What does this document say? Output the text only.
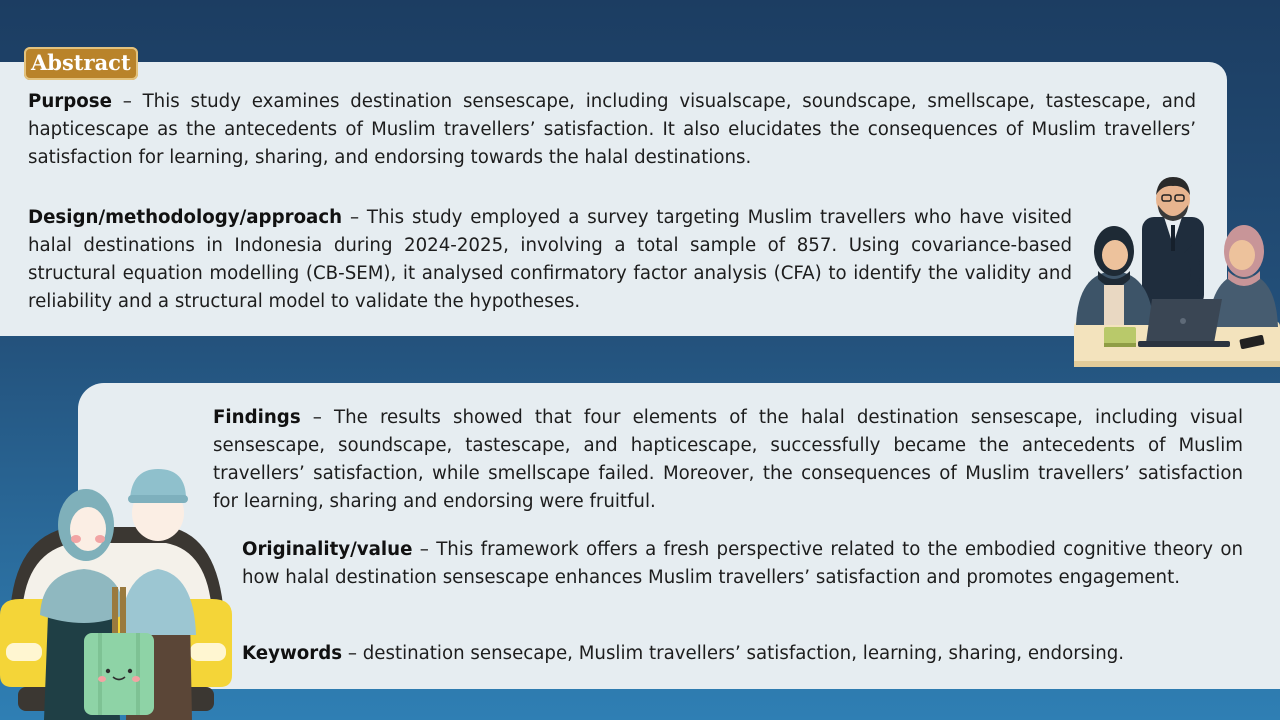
Abstract

Purpose – This study examines destination sensescape, including visualscape, soundscape, smellscape, tastescape, and hapticescape as the antecedents of Muslim travellers’ satisfaction. It also elucidates the consequences of Muslim travellers’ satisfaction for learning, sharing, and endorsing towards the halal destinations.

Design/methodology/approach – This study employed a survey targeting Muslim travellers who have visited halal destinations in Indonesia during 2024-2025, involving a total sample of 857. Using covariance-based structural equation modelling (CB-SEM), it analysed confirmatory factor analysis (CFA) to identify the validity and reliability and a structural model to validate the hypotheses.

Findings – The results showed that four elements of the halal destination sensescape, including visual sensescape, soundscape, tastescape, and hapticescape, successfully became the antecedents of Muslim travellers’ satisfaction, while smellscape failed. Moreover, the consequences of Muslim travellers’ satisfaction for learning, sharing and endorsing were fruitful.

Originality/value – This framework offers a fresh perspective related to the embodied cognitive theory on how halal destination sensescape enhances Muslim travellers’ satisfaction and promotes engagement.

Keywords – destination sensecape, Muslim travellers’ satisfaction, learning, sharing, endorsing.
